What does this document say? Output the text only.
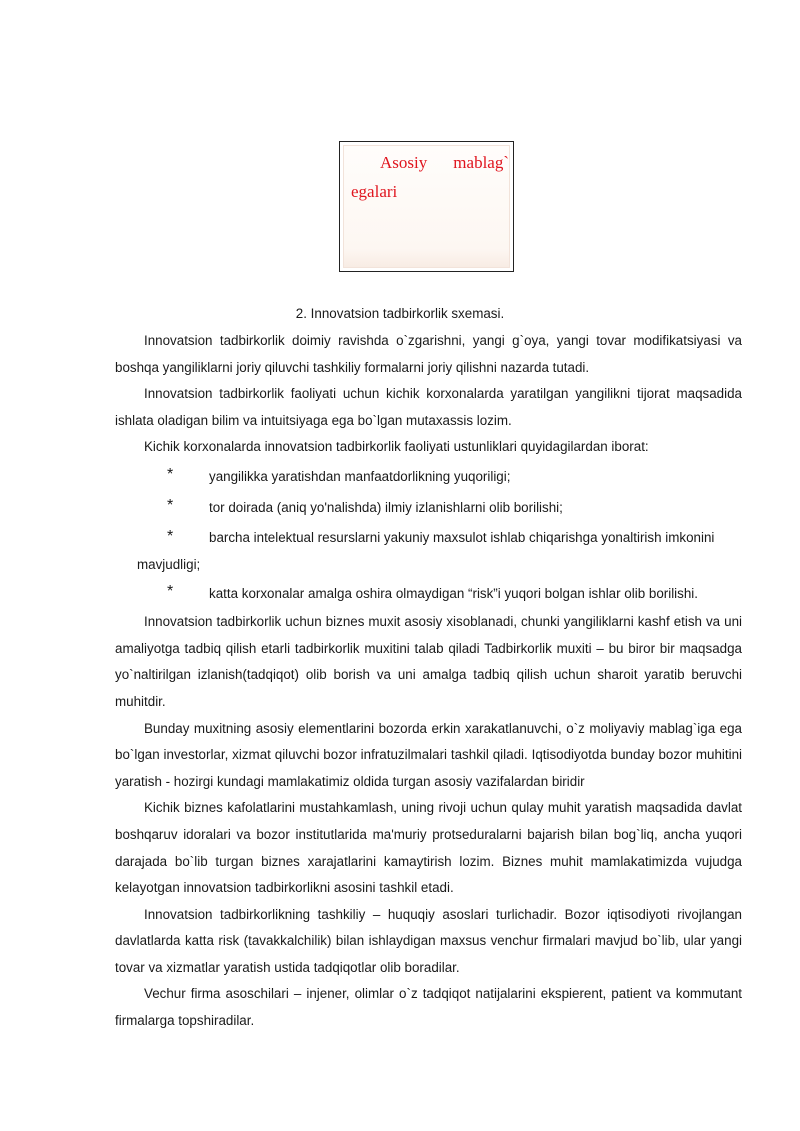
Asosiy mablag` egalari
2. Innovatsion tadbirkorlik sxemasi.

Innovatsion tadbirkorlik doimiy ravishda o`zgarishni, yangi g`oya, yangi tovar modifikatsiyasi va boshqa yangiliklarni joriy qiluvchi tashkiliy formalarni joriy qilishni nazarda tutadi.

Innovatsion tadbirkorlik faoliyati uchun kichik korxonalarda yaratilgan yangilikni tijorat maqsadida ishlata oladigan bilim va intuitsiyaga ega bo`lgan mutaxassis lozim.

Kichik korxonalarda innovatsion tadbirkorlik faoliyati ustunliklari quyidagilardan iborat:

*	yangilikka yaratishdan manfaatdorlikning yuqoriligi;
*	tor doirada (aniq yo'nalishda) ilmiy izlanishlarni olib borilishi;
*	barcha intelektual resurslarni yakuniy maxsulot ishlab chiqarishga yonaltirish imkonini
mavjudligi;
*	katta korxonalar amalga oshira olmaydigan “risk”i yuqori bolgan ishlar olib borilishi.

Innovatsion tadbirkorlik uchun biznes muxit asosiy xisoblanadi, chunki yangiliklarni kashf etish va uni amaliyotga tadbiq qilish etarli tadbirkorlik muxitini talab qiladi Tadbirkorlik muxiti – bu biror bir maqsadga yo`naltirilgan izlanish(tadqiqot) olib borish va uni amalga tadbiq qilish uchun sharoit yaratib beruvchi muhitdir.

Bunday muxitning asosiy elementlarini bozorda erkin xarakatlanuvchi, o`z moliyaviy mablag`iga ega bo`lgan investorlar, xizmat qiluvchi bozor infratuzilmalari tashkil qiladi. Iqtisodiyotda bunday bozor muhitini yaratish - hozirgi kundagi mamlakatimiz oldida turgan asosiy vazifalardan biridir

Kichik biznes kafolatlarini mustahkamlash, uning rivoji uchun qulay muhit yaratish maqsadida davlat boshqaruv idoralari va bozor institutlarida ma'muriy protseduralarni bajarish bilan bog`liq, ancha yuqori darajada bo`lib turgan biznes xarajatlarini kamaytirish lozim. Biznes muhit mamlakatimizda vujudga kelayotgan innovatsion tadbirkorlikni asosini tashkil etadi.

Innovatsion tadbirkorlikning tashkiliy – huquqiy asoslari turlichadir. Bozor iqtisodiyoti rivojlangan davlatlarda katta risk (tavakkalchilik) bilan ishlaydigan maxsus venchur firmalari mavjud bo`lib, ular yangi tovar va xizmatlar yaratish ustida tadqiqotlar olib boradilar.

Vechur firma asoschilari – injener, olimlar o`z tadqiqot natijalarini ekspierent, patient va kommutant firmalarga topshiradilar.
